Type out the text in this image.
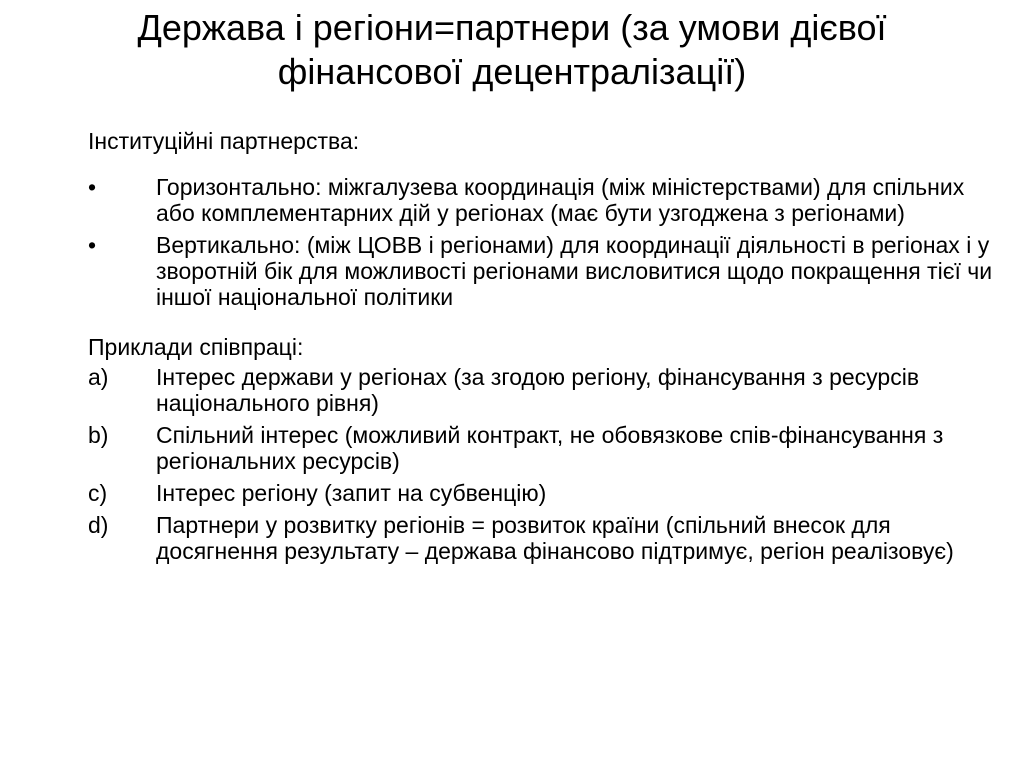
Держава і регіони=партнери (за умови дієвої
фінансової децентралізації)
Інституційні партнерства:
•	Горизонтально: міжгалузева координація (між міністерствами) для спільних або комплементарних дій у регіонах (має бути узгоджена з регіонами)
•	Вертикально: (між ЦОВВ і регіонами) для координації діяльності в регіонах і у зворотній бік для можливості регіонами висловитися щодо покращення тієї чи іншої національної політики
Приклади співпраці:
a) Інтерес держави у регіонах (за згодою регіону, фінансування з ресурсів національного рівня)
b) Спільний інтерес (можливий контракт, не обовязкове спів-фінансування з регіональних ресурсів)
c) Інтерес регіону (запит на субвенцію)
d) Партнери у розвитку регіонів = розвиток країни (спільний внесок для досягнення результату – держава фінансово підтримує, регіон реалізовує)
